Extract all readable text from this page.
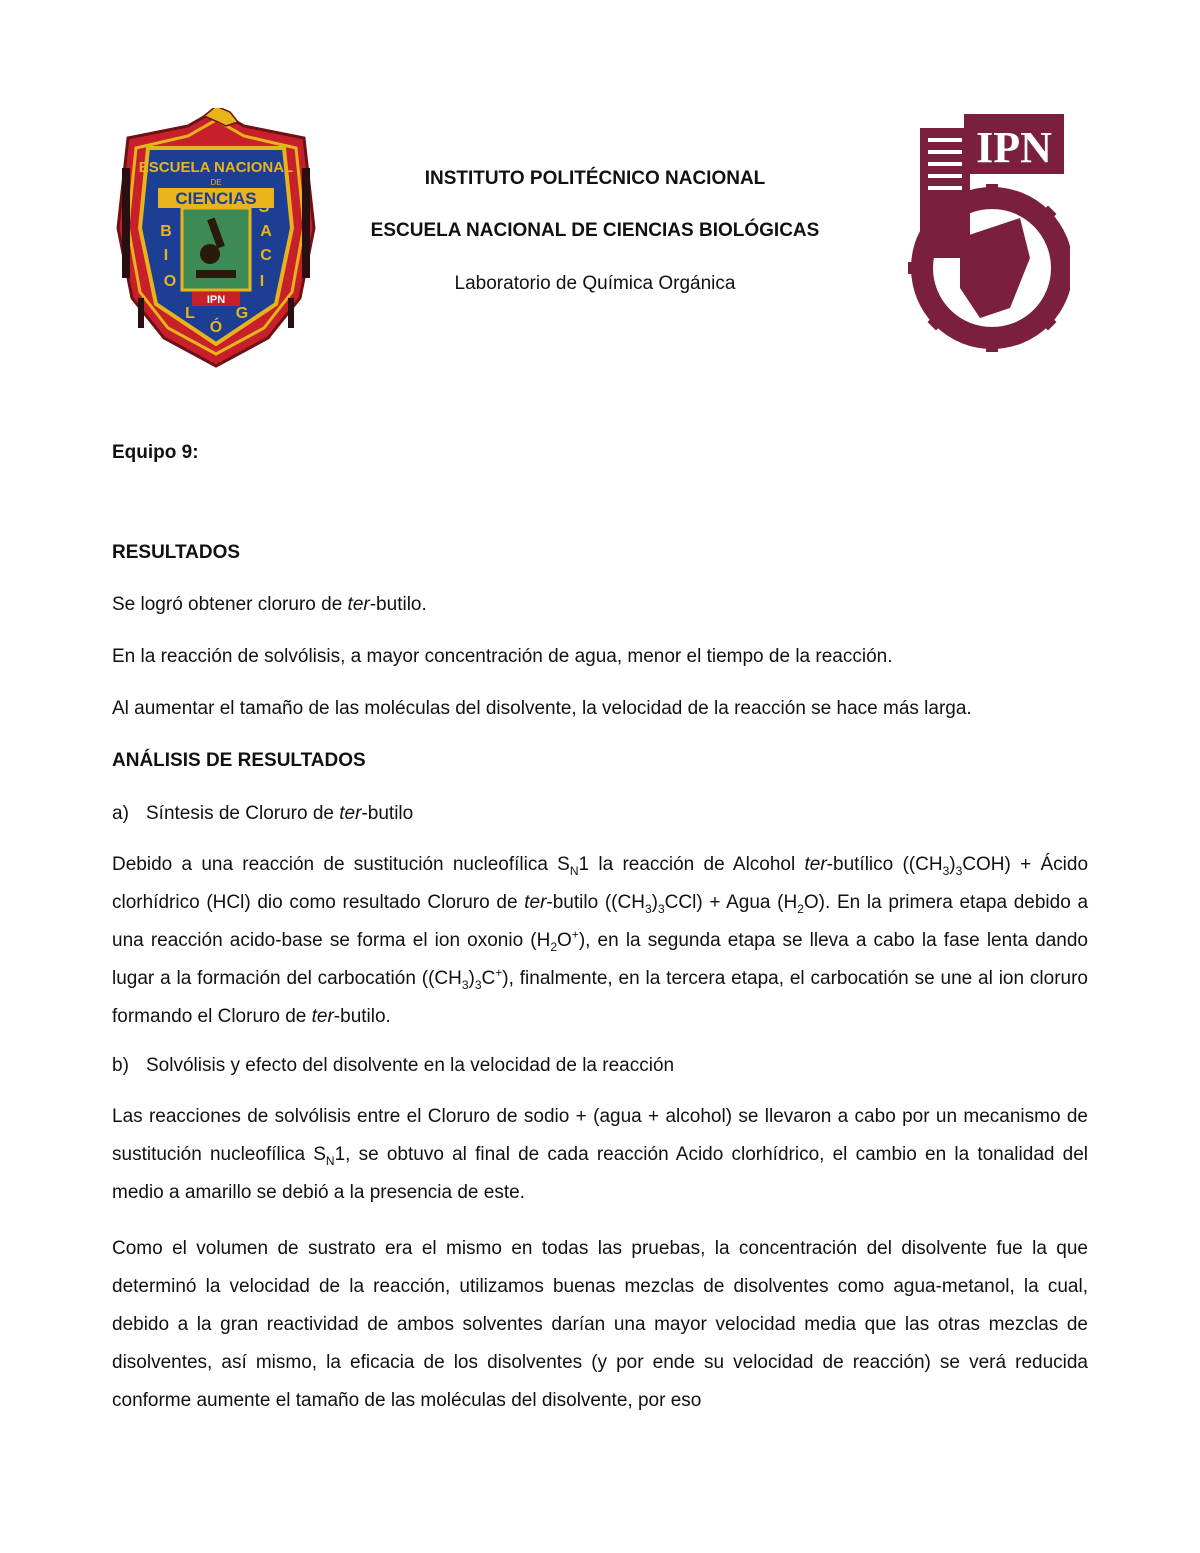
IPN
CIENCIAS
ESCUELA NACIONAL
DE
B
I
O
L
Ó
G
I
C
A
S
IPN
INSTITUTO POLITÉCNICO NACIONAL
ESCUELA NACIONAL DE CIENCIAS BIOLÓGICAS
Laboratorio de Química Orgánica

Equipo 9:

RESULTADOS

Se logró obtener cloruro de ter-butilo.

En la reacción de solvólisis, a mayor concentración de agua, menor el tiempo de la reacción.

Al aumentar el tamaño de las moléculas del disolvente, la velocidad de la reacción se hace más larga.

ANÁLISIS DE RESULTADOS

a) Síntesis de Cloruro de ter-butilo

Debido a una reacción de sustitución nucleofílica $S_N1$ la reacción de Alcohol ter-butílico $((CH_3)_3COH)$ + Ácido clorhídrico (HCl) dio como resultado Cloruro de ter-butilo $((CH_3)_3CCl)$ + Agua $(H_2O)$. En la primera etapa debido a una reacción acido-base se forma el ion oxonio $(H_2O^+)$, en la segunda etapa se lleva a cabo la fase lenta dando lugar a la formación del carbocatión $((CH_3)_3C^+)$, finalmente, en la tercera etapa, el carbocatión se une al ion cloruro formando el Cloruro de ter-butilo.

b) Solvólisis y efecto del disolvente en la velocidad de la reacción

Las reacciones de solvólisis entre el Cloruro de sodio + (agua + alcohol) se llevaron a cabo por un mecanismo de sustitución nucleofílica $S_N1$, se obtuvo al final de cada reacción Acido clorhídrico, el cambio en la tonalidad del medio a amarillo se debió a la presencia de este.

Como el volumen de sustrato era el mismo en todas las pruebas, la concentración del disolvente fue la que determinó la velocidad de la reacción, utilizamos buenas mezclas de disolventes como agua-metanol, la cual, debido a la gran reactividad de ambos solventes darían una mayor velocidad media que las otras mezclas de disolventes, así mismo, la eficacia de los disolventes (y por ende su velocidad de reacción) se verá reducida conforme aumente el tamaño de las moléculas del disolvente, por eso
